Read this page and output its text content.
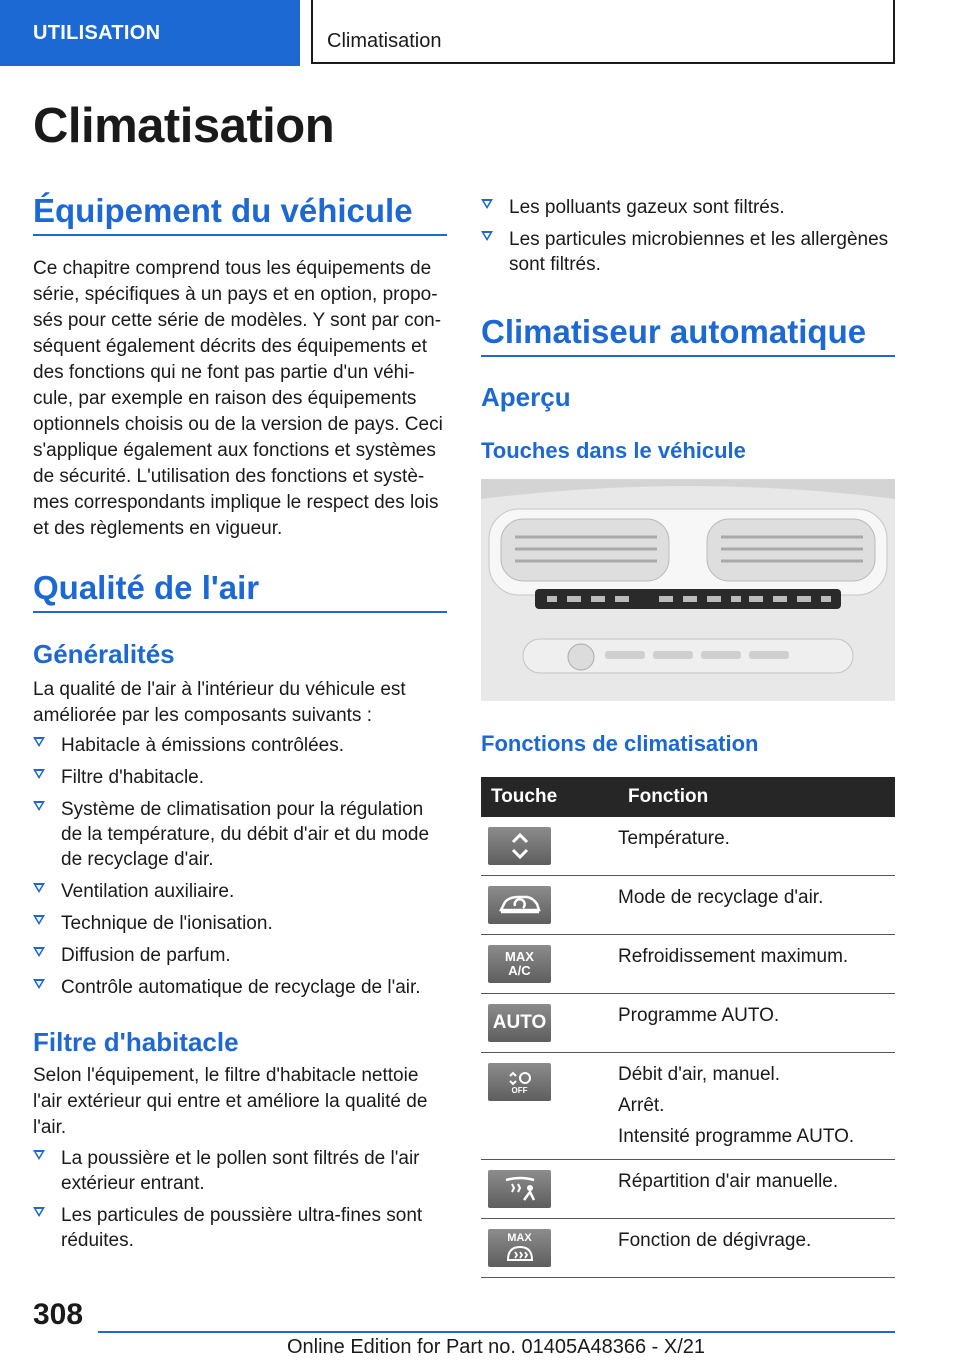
UTILISATION	Climatisation
Climatisation
Équipement du véhicule

Ce chapitre comprend tous les équipements de série, spécifiques à un pays et en option, propo-sés pour cette série de modèles. Y sont par con-séquent également décrits des équipements et des fonctions qui ne font pas partie d'un véhi-cule, par exemple en raison des équipements optionnels choisis ou de la version de pays. Ceci s'applique également aux fonctions et systèmes de sécurité. L'utilisation des fonctions et systè-mes correspondants implique le respect des lois et des règlements en vigueur.

Qualité de l'air
Généralités

La qualité de l'air à l'intérieur du véhicule est améliorée par les composants suivants :

Habitacle à émissions contrôlées.
Filtre d'habitacle.
Système de climatisation pour la régulation de la température, du débit d'air et du mode de recyclage d'air.
Ventilation auxiliaire.
Technique de l'ionisation.
Diffusion de parfum.
Contrôle automatique de recyclage de l'air.
Filtre d'habitacle

Selon l'équipement, le filtre d'habitacle nettoie l'air extérieur qui entre et améliore la qualité de l'air.

La poussière et le pollen sont filtrés de l'air extérieur entrant.
Les particules de poussière ultra-fines sont réduites.
Les polluants gazeux sont filtrés.
Les particules microbiennes et les allergènes sont filtrés.
Climatiseur automatique
Aperçu
Touches dans le véhicule
Fonctions de climatisation
Touche	Fonction

Température.

Mode de recyclage d'air.

MAX
A/C	Refroidissement maximum.

AUTO	Programme AUTO.

OFF	Débit d'air, manuel.
Arrêt.
Intensité programme AUTO.

Répartition d'air manuelle.

MAX	Fonction de dégivrage.
308
Online Edition for Part no. 01405A48366 - X/21
